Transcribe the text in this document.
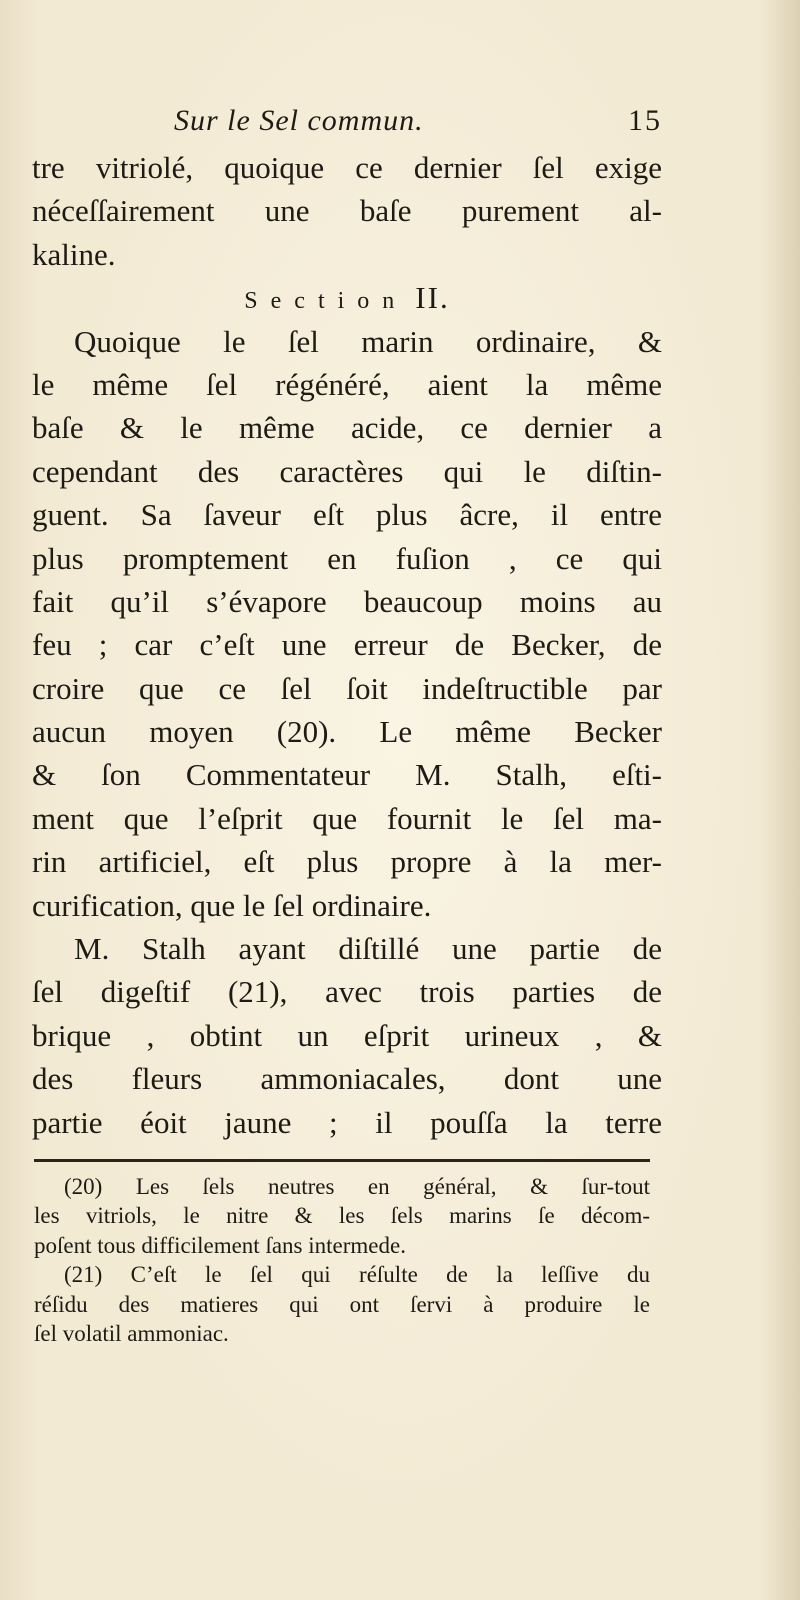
Sur le Sel commun.	15
tre vitriolé, quoique ce dernier ſel exige
néceſſairement une baſe purement al-
kaline.
Section II.
Quoique le ſel marin ordinaire, &
le même ſel régénéré, aient la même
baſe & le même acide, ce dernier a
cependant des caractères qui le diſtin-
guent. Sa ſaveur eſt plus âcre, il entre
plus promptement en fuſion , ce qui
fait qu’il s’évapore beaucoup moins au
feu ; car c’eſt une erreur de Becker, de
croire que ce ſel ſoit indeſtructible par
aucun moyen (20). Le même Becker
& ſon Commentateur M. Stalh, eſti-
ment que l’eſprit que fournit le ſel ma-
rin artificiel, eſt plus propre à la mer-
curification, que le ſel ordinaire.
M. Stalh ayant diſtillé une partie de
ſel digeſtif (21), avec trois parties de
brique , obtint un eſprit urineux , &
des fleurs ammoniacales, dont une
partie éoit jaune ; il pouſſa la terre
(20) Les ſels neutres en général, & ſur-tout
les vitriols, le nitre & les ſels marins ſe décom-
poſent tous difficilement ſans intermede.
(21) C’eſt le ſel qui réſulte de la leſſive du
réſidu des matieres qui ont ſervi à produire le
ſel volatil ammoniac.
